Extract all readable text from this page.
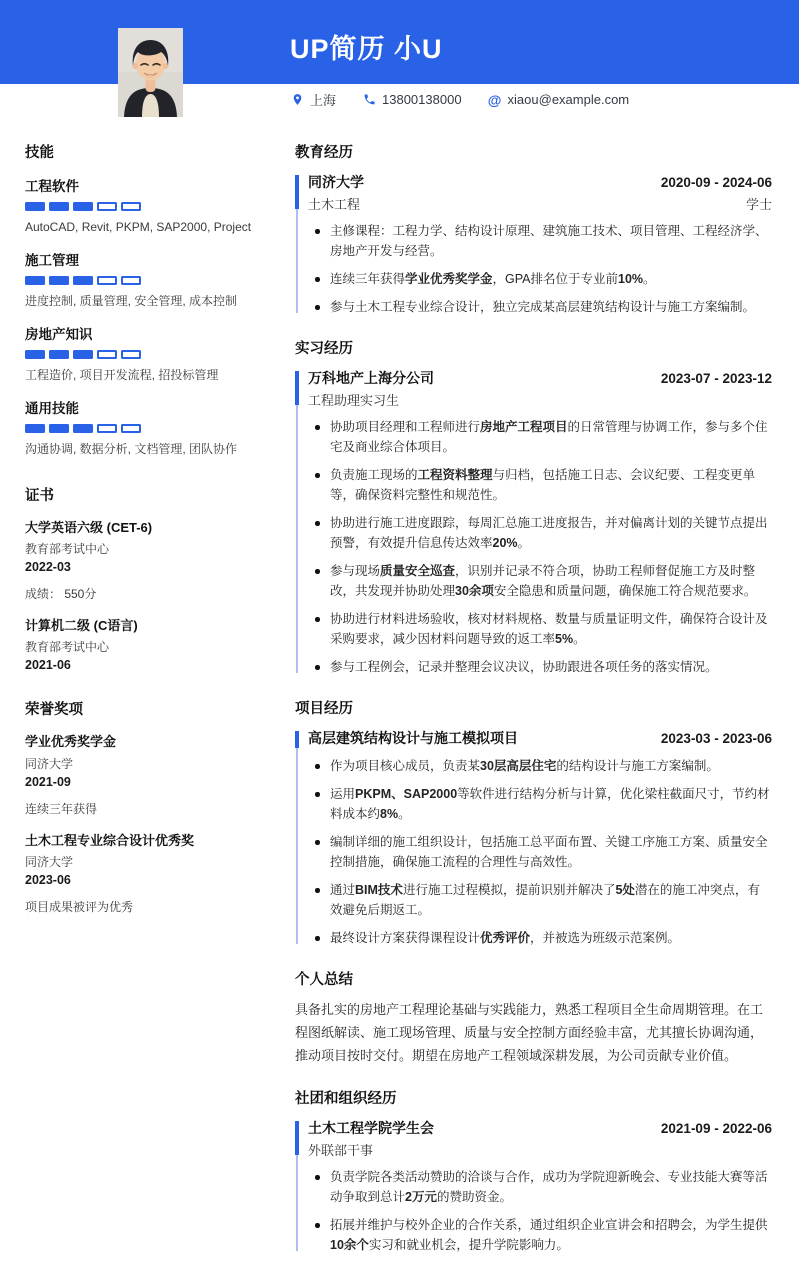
UP简历 小U
上海	13800138000 @ xiaou@example.com
技能
工程软件
AutoCAD, Revit, PKPM, SAP2000, Project
施工管理
进度控制, 质量管理, 安全管理, 成本控制
房地产知识
工程造价, 项目开发流程, 招投标管理
通用技能
沟通协调, 数据分析, 文档管理, 团队协作
证书
大学英语六级 (CET-6)
教育部考试中心
2022-03
成绩： 550分
计算机二级 (C语言)
教育部考试中心
2021-06
荣誉奖项
学业优秀奖学金
同济大学
2021-09
连续三年获得
土木工程专业综合设计优秀奖
同济大学
2023-06
项目成果被评为优秀
教育经历
同济大学	2020-09 - 2024-06
土木工程	学士
主修课程：工程力学、结构设计原理、建筑施工技术、项目管理、工程经济学、房地产开发与经营。
连续三年获得学业优秀奖学金，GPA排名位于专业前10%。
参与土木工程专业综合设计，独立完成某高层建筑结构设计与施工方案编制。
实习经历
万科地产上海分公司	2023-07 - 2023-12
工程助理实习生
协助项目经理和工程师进行房地产工程项目的日常管理与协调工作，参与多个住宅及商业综合体项目。
负责施工现场的工程资料整理与归档，包括施工日志、会议纪要、工程变更单等，确保资料完整性和规范性。
协助进行施工进度跟踪，每周汇总施工进度报告，并对偏离计划的关键节点提出预警，有效提升信息传达效率20%。
参与现场质量安全巡查，识别并记录不符合项，协助工程师督促施工方及时整改，共发现并协助处理30余项安全隐患和质量问题，确保施工符合规范要求。
协助进行材料进场验收，核对材料规格、数量与质量证明文件，确保符合设计及采购要求，减少因材料问题导致的返工率5%。
参与工程例会，记录并整理会议决议，协助跟进各项任务的落实情况。
项目经历
高层建筑结构设计与施工模拟项目	2023-03 - 2023-06
作为项目核心成员，负责某30层高层住宅的结构设计与施工方案编制。
运用PKPM、SAP2000等软件进行结构分析与计算，优化梁柱截面尺寸，节约材料成本约8%。
编制详细的施工组织设计，包括施工总平面布置、关键工序施工方案、质量安全控制措施，确保施工流程的合理性与高效性。
通过BIM技术进行施工过程模拟，提前识别并解决了5处潜在的施工冲突点，有效避免后期返工。
最终设计方案获得课程设计优秀评价，并被选为班级示范案例。
个人总结

具备扎实的房地产工程理论基础与实践能力，熟悉工程项目全生命周期管理。在工程图纸解读、施工现场管理、质量与安全控制方面经验丰富，尤其擅长协调沟通，推动项目按时交付。期望在房地产工程领域深耕发展，为公司贡献专业价值。

社团和组织经历
土木工程学院学生会	2021-09 - 2022-06
外联部干事
负责学院各类活动赞助的洽谈与合作，成功为学院迎新晚会、专业技能大赛等活动争取到总计2万元的赞助资金。
拓展并维护与校外企业的合作关系，通过组织企业宣讲会和招聘会，为学生提供10余个实习和就业机会，提升学院影响力。
